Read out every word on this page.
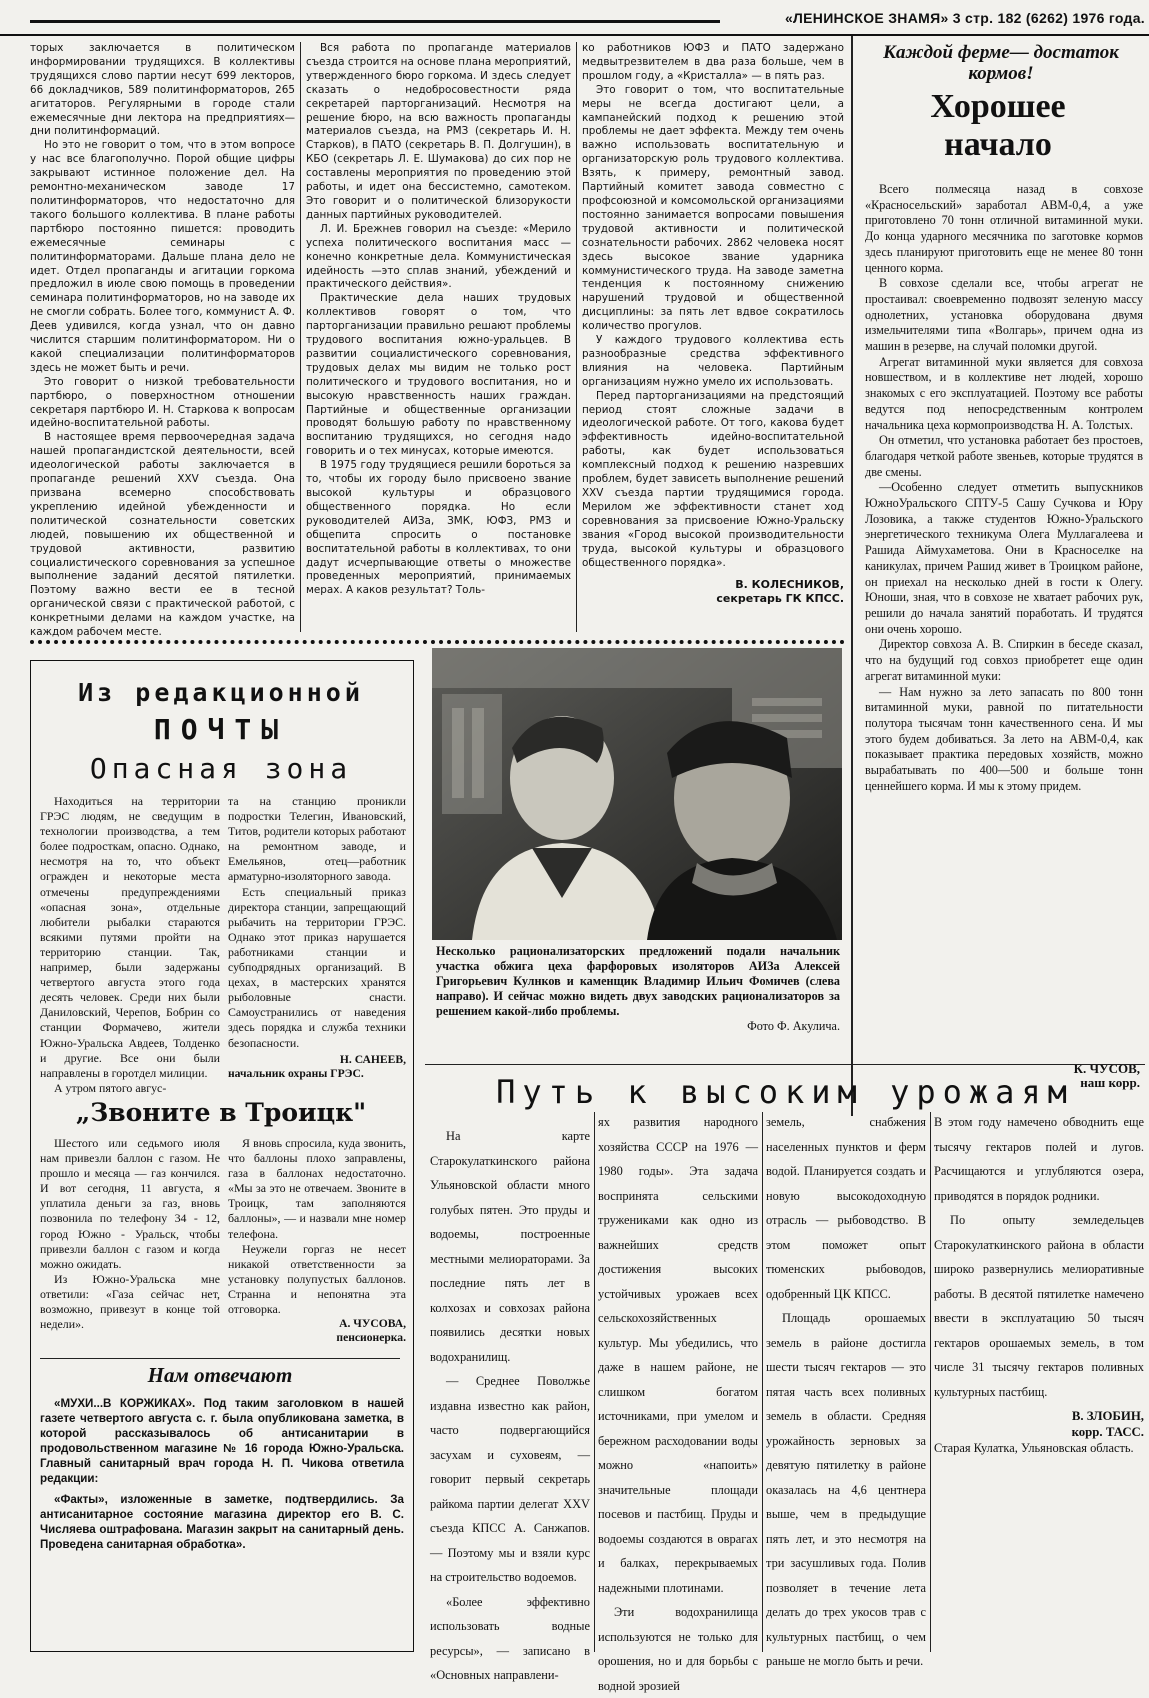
«ЛЕНИНСКОЕ ЗНАМЯ» 3 стр. 182 (6262) 1976 года.

торых заключается в политическом информировании трудящихся. В коллективы трудящихся слово партии несут 699 лекторов, 66 докладчиков, 589 политинформаторов, 265 агитаторов. Регулярными в городе стали ежемесячные дни лектора на предприятиях—дни политинформаций.

Но это не говорит о том, что в этом вопросе у нас все благополучно. Порой общие цифры закрывают истинное положение дел. На ремонтно-механическом заводе 17 политинформаторов, что недостаточно для такого большого коллектива. В плане работы партбюро постоянно пишется: проводить ежемесячные семинары с политинформаторами. Дальше плана дело не идет. Отдел пропаганды и агитации горкома предложил в июле свою помощь в проведении семинара политинформаторов, но на заводе их не смогли собрать. Более того, коммунист А. Ф. Деев удивился, когда узнал, что он давно числится старшим политинформатором. Ни о какой специализации политинформаторов здесь не может быть и речи.

Это говорит о низкой требовательности партбюро, о поверхностном отношении секретаря партбюро И. Н. Старкова к вопросам идейно-воспитательной работы.

В настоящее время первоочередная задача нашей пропагандистской деятельности, всей идеологической работы заключается в пропаганде решений XXV съезда. Она призвана всемерно способствовать укреплению идейной убежденности и политической сознательности советских людей, повышению их общественной и трудовой активности, развитию социалистического соревнования за успешное выполнение заданий десятой пятилетки. Поэтому важно вести ее в тесной органической связи с практической работой, с конкретными делами на каждом участке, на каждом рабочем месте.

Вся работа по пропаганде материалов съезда строится на основе плана мероприятий, утвержденного бюро горкома. И здесь следует сказать о недобросовестности ряда секретарей парторганизаций. Несмотря на решение бюро, на всю важность пропаганды материалов съезда, на РМЗ (секретарь И. Н. Старков), в ПАТО (секретарь В. П. Долгушин), в КБО (секретарь Л. Е. Шумакова) до сих пор не составлены мероприятия по проведению этой работы, и идет она бессистемно, самотеком. Это говорит и о политической близорукости данных партийных руководителей.

Л. И. Брежнев говорил на съезде: «Мерило успеха политического воспитания масс — конечно конкретные дела. Коммунистическая идейность —это сплав знаний, убеждений и практического действия».

Практические дела наших трудовых коллективов говорят о том, что парторганизации правильно решают проблемы трудового воспитания южно-уральцев. В развитии социалистического соревнования, трудовых делах мы видим не только рост политического и трудового воспитания, но и высокую нравственность наших граждан. Партийные и общественные организации проводят большую работу по нравственному воспитанию трудящихся, но сегодня надо говорить и о тех минусах, которые имеются.

В 1975 году трудящиеся решили бороться за то, чтобы их городу было присвоено звание высокой культуры и образцового общественного порядка. Но если руководителей АИЗа, ЗМК, ЮФЗ, РМЗ и общепита спросить о постановке воспитательной работы в коллективах, то они дадут исчерпывающие ответы о множестве проведенных мероприятий, принимаемых мерах. А каков результат? Толь-

ко работников ЮФЗ и ПАТО задержано медвытрезвителем в два раза больше, чем в прошлом году, а «Кристалла» — в пять раз.

Это говорит о том, что воспитательные меры не всегда достигают цели, а кампанейский подход к решению этой проблемы не дает эффекта. Между тем очень важно использовать воспитательную и организаторскую роль трудового коллектива. Взять, к примеру, ремонтный завод. Партийный комитет завода совместно с профсоюзной и комсомольской организациями постоянно занимается вопросами повышения трудовой активности и политической сознательности рабочих. 2862 человека носят здесь высокое звание ударника коммунистического труда. На заводе заметна тенденция к постоянному снижению нарушений трудовой и общественной дисциплины: за пять лет вдвое сократилось количество прогулов.

У каждого трудового коллектива есть разнообразные средства эффективного влияния на человека. Партийным организациям нужно умело их использовать.

Перед парторганизациями на предстоящий период стоят сложные задачи в идеологической работе. От того, какова будет эффективность идейно-воспитательной работы, как будет использоваться комплексный подход к решению назревших проблем, будет зависеть выполнение решений XXV съезда партии трудящимися города. Мерилом же эффективности станет ход соревнования за присвоение Южно-Уральску звания «Город высокой производительности труда, высокой культуры и образцового общественного порядка».

В. КОЛЕСНИКОВ,
секретарь ГК КПСС.
Каждой ферме— достаток кормов!
Хорошее начало

Всего полмесяца назад в совхозе «Красносельский» заработал АВМ-0,4, а уже приготовлено 70 тонн отличной витаминной муки. До конца ударного месячника по заготовке кормов здесь планируют приготовить еще не менее 80 тонн ценного корма.

В совхозе сделали все, чтобы агрегат не простаивал: своевременно подвозят зеленую массу однолетних, установка оборудована двумя измельчителями типа «Волгарь», причем одна из машин в резерве, на случай поломки другой.

Агрегат витаминной муки является для совхоза новшеством, и в коллективе нет людей, хорошо знакомых с его эксплуатацией. Поэтому все работы ведутся под непосредственным контролем начальника цеха кормопроизводства Н. А. Толстых.

Он отметил, что установка работает без простоев, благодаря четкой работе звеньев, которые трудятся в две смены.

—Особенно следует отметить выпускников ЮжноУральского СПТУ-5 Сашу Сучкова и Юру Лозовика, а также студентов Южно-Уральского энергетического техникума Олега Муллагалеева и Рашида Аймухаметова. Они в Красноселке на каникулах, причем Рашид живет в Троицком районе, он приехал на несколько дней в гости к Олегу. Юноши, зная, что в совхозе не хватает рабочих рук, решили до начала занятий поработать. И трудятся они очень хорошо.

Директор совхоза А. В. Спиркин в беседе сказал, что на будущий год совхоз приобретет еще один агрегат витаминной муки:

— Нам нужно за лето запасать по 800 тонн витаминной муки, равной по питательности полутора тысячам тонн качественного сена. И мы этого будем добиваться. За лето на АВМ-0,4, как показывает практика передовых хозяйств, можно вырабатывать по 400—500 и больше тонн ценнейшего корма. И мы к этому придем.

К. ЧУСОВ,
наш корр.
Из редакционной
ПОЧТЫ
Опасная зона

Находиться на территории ГРЭС людям, не сведущим в технологии производства, а тем более подросткам, опасно. Однако, несмотря на то, что объект огражден и некоторые места отмечены предупреждениями «опасная зона», отдельные любители рыбалки стараются всякими путями пройти на территорию станции. Так, например, были задержаны четвертого августа этого года десять человек. Среди них были Даниловский, Черепов, Бобрин со станции Формачево, жители Южно-Уральска Авдеев, Толденко и другие. Все они были направлены в горотдел милиции.

А утром пятого авгус-

та на станцию проникли подростки Телегин, Ивановский, Титов, родители которых работают на ремонтном заводе, и Емельянов, отец—работник арматурно-изоляторного завода.

Есть специальный приказ директора станции, запрещающий рыбачить на территории ГРЭС. Однако этот приказ нарушается работниками станции и субподрядных организаций. В цехах, в мастерских хранятся рыболовные снасти. Самоустранились от наведения здесь порядка и служба техники безопасности.

Н. САНЕЕВ,
начальник охраны ГРЭС.
„Звоните в Троицк"

Шестого или седьмого июля нам привезли баллон с газом. Не прошло и месяца — газ кончился. И вот сегодня, 11 августа, я уплатила деньги за газ, вновь позвонила по телефону 34 - 12, город Южно - Уральск, чтобы привезли баллон с газом и когда можно ожидать.

Из Южно-Уральска мне ответили: «Газа сейчас нет, возможно, привезут в конце той недели».

Я вновь спросила, куда звонить, что баллоны плохо заправлены, газа в баллонах недостаточно. «Мы за это не отвечаем. Звоните в Троицк, там заполняются баллоны», — и назвали мне номер телефона.

Неужели горгаз не несет никакой ответственности за установку полупустых баллонов. Странна и непонятна эта отговорка.

А. ЧУСОВА,
пенсионерка.
Нам отвечают

«МУХИ...В КОРЖИКАХ». Под таким заголовком в нашей газете четвертого августа с. г. была опубликована заметка, в которой рассказывалось об антисанитарии в продовольственном магазине № 16 города Южно-Уральска. Главный санитарный врач города Н. П. Чикова ответила редакции:

«Факты», изложенные в заметке, подтвердились. За антисанитарное состояние магазина директор его В. С. Числяева оштрафована. Магазин закрыт на санитарный день. Проведена санитарная обработка».

Несколько рационализаторских предложений подали начальник участка обжига цеха фарфоровых изоляторов АИЗа Алексей Григорьевич Кулнков и каменщик Владимир Ильич Фомичев (слева направо). И сейчас можно видеть двух заводских рационализаторов за решением какой-либо проблемы.
Фото Ф. Акулича.
Путь к высоким урожаям

На карте Старокулаткинского района Ульяновской области много голубых пятен. Это пруды и водоемы, построенные местными мелиораторами. За последние пять лет в колхозах и совхозах района появились десятки новых водохранилищ.

— Среднее Поволжье издавна известно как район, часто подвергающийся засухам и суховеям, — говорит первый секретарь райкома партии делегат XXV съезда КПСС А. Санжапов. — Поэтому мы и взяли курс на строительство водоемов.

«Более эффективно использовать водные ресурсы», — записано в «Основных направлени-

ях развития народного хозяйства СССР на 1976 —1980 годы». Эта задача воспринята сельскими тружениками как одно из важнейших средств достижения высоких устойчивых урожаев всех сельскохозяйственных культур. Мы убедились, что даже в нашем районе, не слишком богатом источниками, при умелом и бережном расходовании воды можно «напоить» значительные площади посевов и пастбищ. Пруды и водоемы создаются в оврагах и балках, перекрываемых надежными плотинами.

Эти водохранилища используются не только для орошения, но и для борьбы с водной эрозией

земель, снабжения населенных пунктов и ферм водой. Планируется создать и новую высокодоходную отрасль — рыбоводство. В этом поможет опыт тюменских рыбоводов, одобренный ЦК КПСС.

Площадь орошаемых земель в районе достигла шести тысяч гектаров — это пятая часть всех поливных земель в области. Средняя урожайность зерновых за девятую пятилетку в районе оказалась на 4,6 центнера выше, чем в предыдущие пять лет, и это несмотря на три засушливых года. Полив позволяет в течение лета делать до трех укосов трав с культурных пастбищ, о чем раньше не могло быть и речи.

В этом году намечено обводнить еще тысячу гектаров полей и лугов. Расчищаются и углубляются озера, приводятся в порядок родники.

По опыту земледельцев Старокулаткинского района в области широко развернулись мелиоративные работы. В десятой пятилетке намечено ввести в эксплуатацию 50 тысяч гектаров орошаемых земель, в том числе 31 тысячу гектаров поливных культурных пастбищ.

В. ЗЛОБИН,
корр. ТАСС.

Старая Кулатка, Ульяновская область.
